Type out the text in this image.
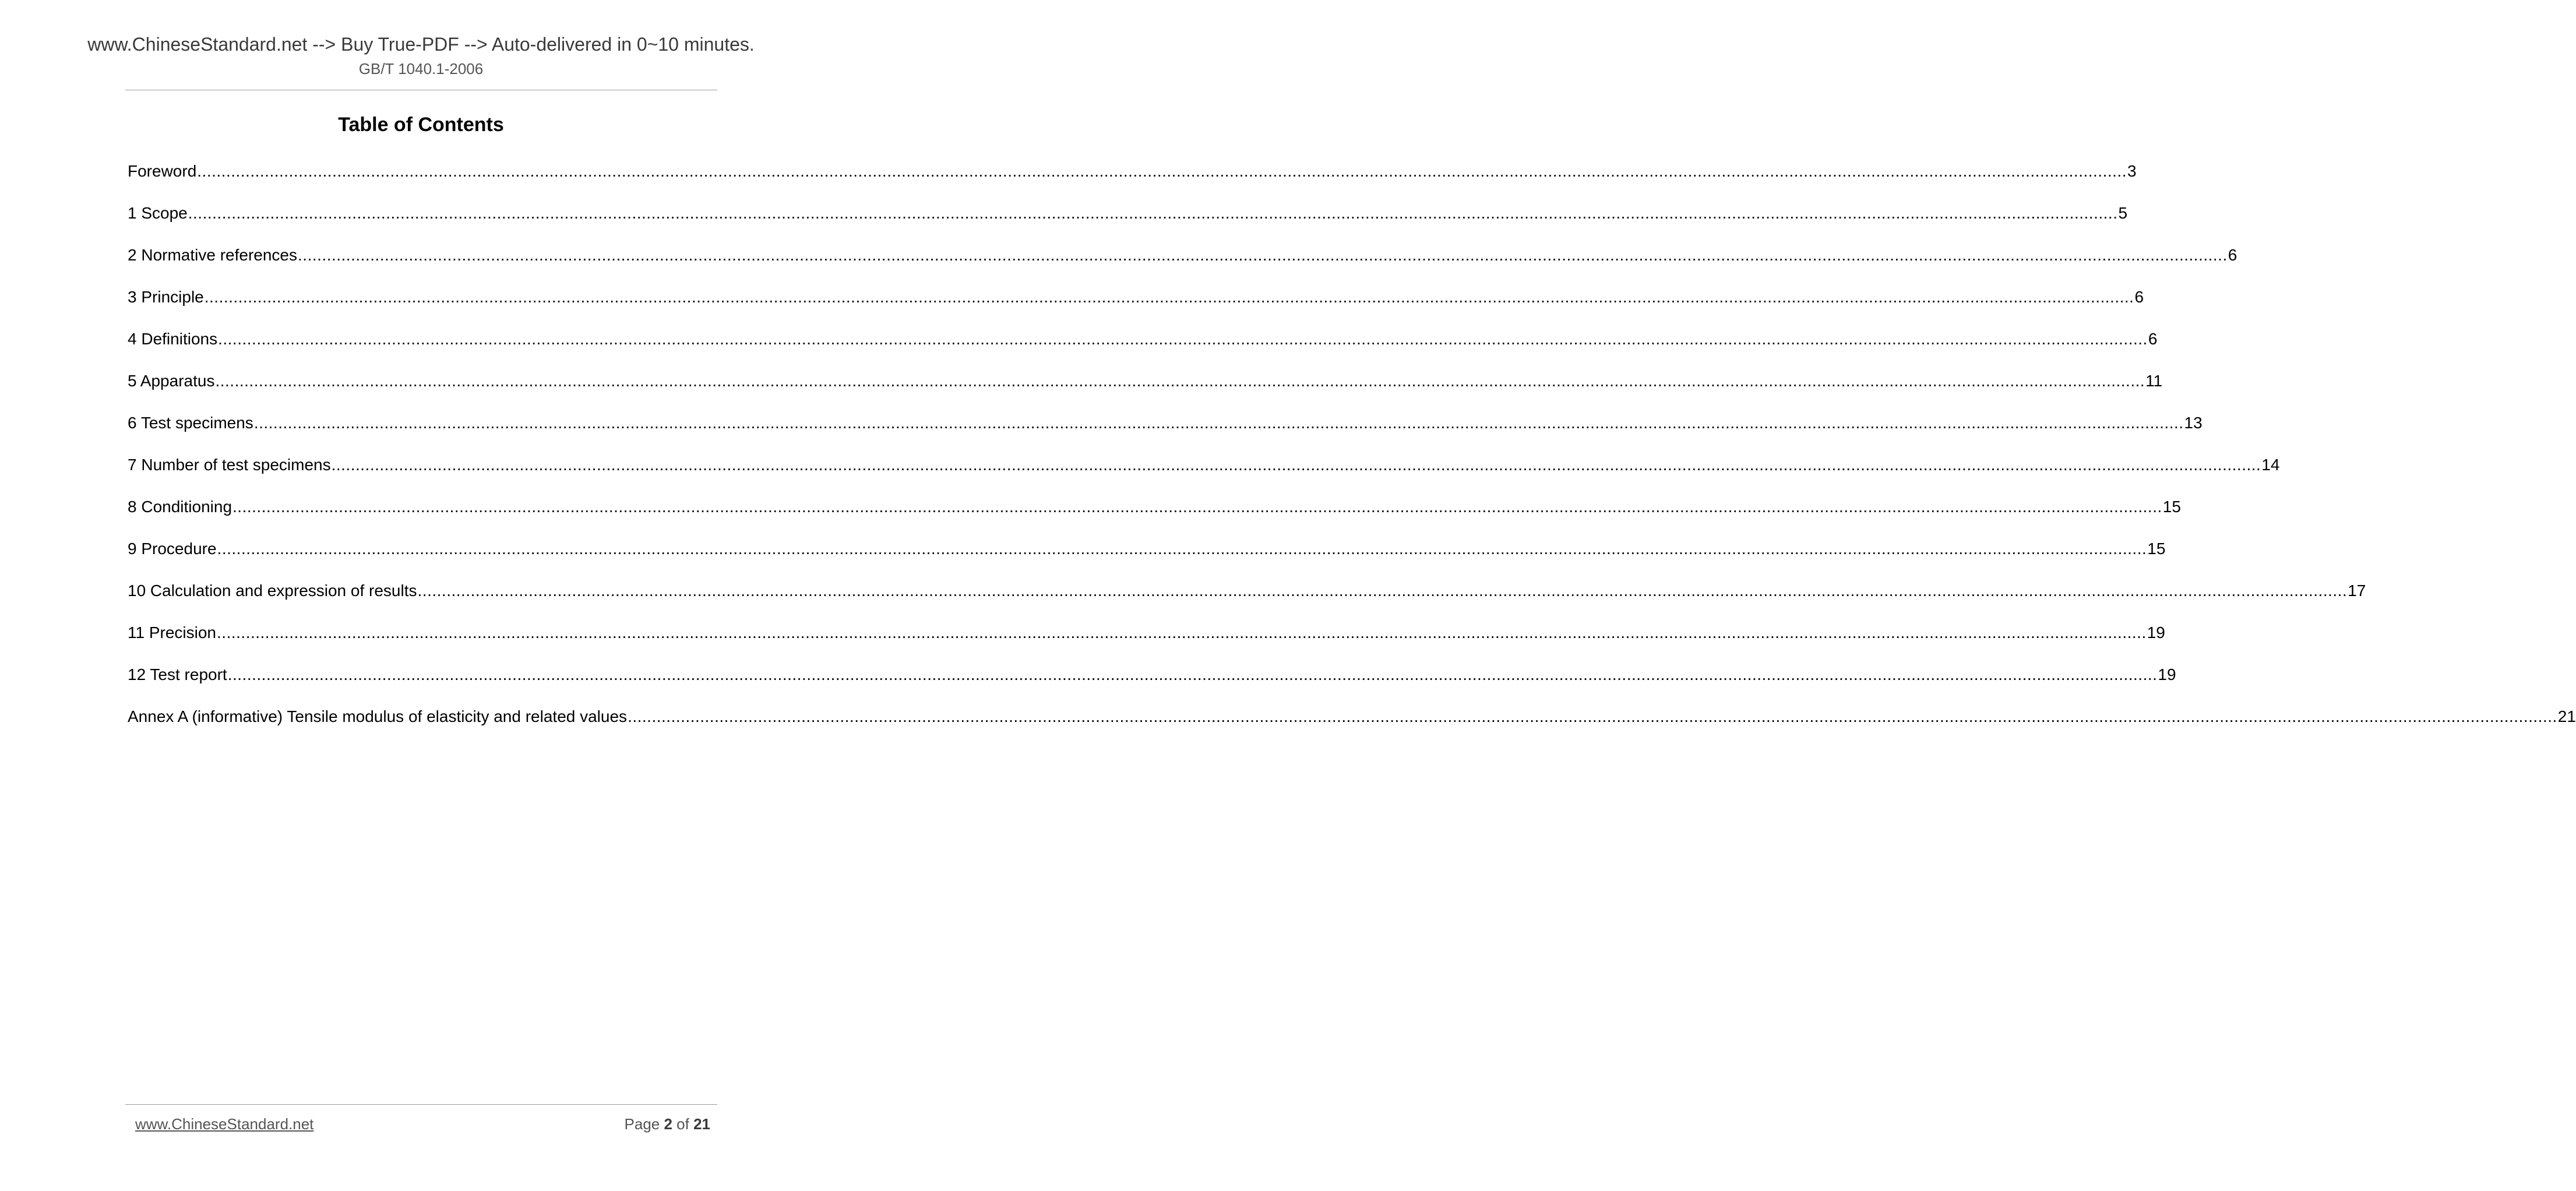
www.ChineseStandard.net --> Buy True-PDF --> Auto-delivered in 0~10 minutes.
GB/T 1040.1-2006
Table of Contents
Foreword ................................................................................................................................................................................................................................................................................................................................................................................................................ 3
1 Scope ................................................................................................................................................................................................................................................................................................................................................................................................................ 5
2 Normative references ................................................................................................................................................................................................................................................................................................................................................................................................................ 6
3 Principle ................................................................................................................................................................................................................................................................................................................................................................................................................ 6
4 Definitions ................................................................................................................................................................................................................................................................................................................................................................................................................ 6
5 Apparatus ................................................................................................................................................................................................................................................................................................................................................................................................................ 11
6 Test specimens ................................................................................................................................................................................................................................................................................................................................................................................................................ 13
7 Number of test specimens ................................................................................................................................................................................................................................................................................................................................................................................................................ 14
8 Conditioning ................................................................................................................................................................................................................................................................................................................................................................................................................ 15
9 Procedure ................................................................................................................................................................................................................................................................................................................................................................................................................ 15
10 Calculation and expression of results ................................................................................................................................................................................................................................................................................................................................................................................................................ 17
11 Precision ................................................................................................................................................................................................................................................................................................................................................................................................................ 19
12 Test report ................................................................................................................................................................................................................................................................................................................................................................................................................ 19
Annex A (informative) Tensile modulus of elasticity and related values ................................................................................................................................................................................................................................................................................................................................................................................................................ 21
www.ChineseStandard.net	Page 2 of 21
